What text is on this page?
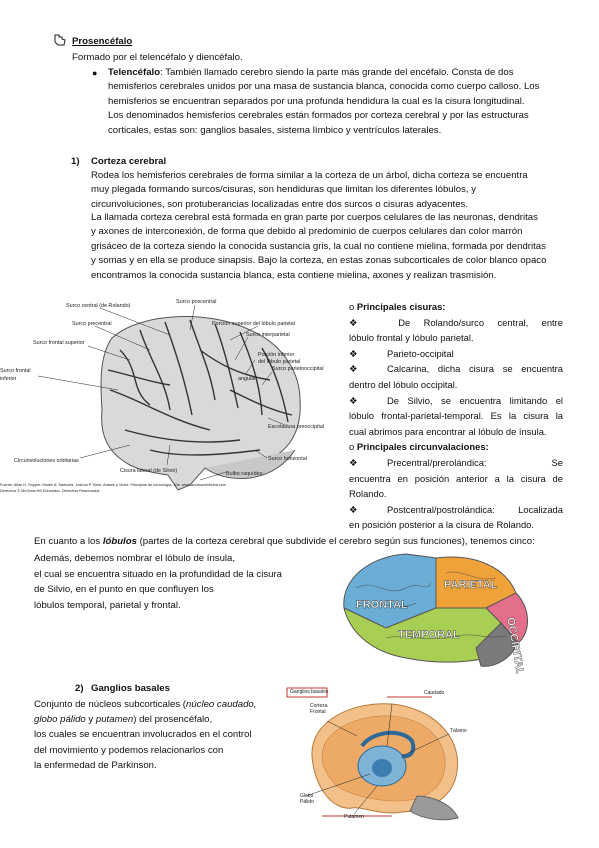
Prosencéfalo
Formado por el telencéfalo y diencéfalo.
● Telencéfalo: También llamado cerebro siendo la parte más grande del encéfalo. Consta de dos
hemisferios cerebrales unidos por una masa de sustancia blanca, conocida como cuerpo calloso. Los
hemisferios se encuentran separados por una profunda hendidura la cual es la cisura longitudinal.
Los denominados hemisferios cerebrales están formados por corteza cerebral y por las estructuras
corticales, estas son: ganglios basales, sistema límbico y ventrículos laterales.
1) Corteza cerebral
Rodea los hemisferios cerebrales de forma similar a la corteza de un árbol, dicha corteza se encuentra
muy plegada formando surcos/cisuras, son hendiduras que limitan los diferentes lóbulos, y
circunvoluciones, son protuberancias localizadas entre dos surcos o cisuras adyacentes.
La llamada corteza cerebral está formada en gran parte por cuerpos celulares de las neuronas, dendritas
y axones de interconexión, de forma que debido al predominio de cuerpos celulares dan color marrón
grisáceo de la corteza siendo la conocida sustancia gris, la cual no contiene mielina, formada por dendritas
y somas y en ella se produce sinapsis. Bajo la corteza, en estas zonas subcorticales de color blanco opaco
encontramos la conocida sustancia blanca, esta contiene mielina, axones y realizan trasmisión.
Surco central (de Rolando)
Surco poscentral
Surco precentral	Porción superior del lóbulo parietal
Surco interparietal
Surco frontal superior
Porción inferior
del lóbulo parietal
Surco parietooccipital
Surco frontal
inferior	angular
Escotadura preoccipital
Circunvoluciones orbitarias	Surco horizontal
Cisura lateral (de Silvio)	Bulbo raquídeo
Fuente: Allan H. Ropper, Martin A. Samuels, Joshua P. Klein: Adams y Victor. Principios de neurología, 10e: www.accessmedicina.com
Derechos © McGraw-Hill Education. Derechos Reservados.
o Principales cisuras:
❖	De Rolando/surco central, entre
lóbulo frontal y lóbulo parietal.
❖	Parieto-occipital
❖	Calcarina, dicha cisura se encuentra
dentro del lóbulo occipital.
❖	De Silvio, se encuentra limitando el
lóbulo frontal-parietal-temporal. Es la cisura la
cual abrimos para encontrar al lóbulo de ínsula.
o Principales circunvalaciones:
❖	Precentral/prerolándica: Se
encuentra en posición anterior a la cisura de
Rolando.
❖	Postcentral/postrolándica: Localizada
en posición posterior a la cisura de Rolando.
En cuanto a los lóbulos (partes de la corteza cerebral que subdivide el cerebro según sus funciones), tenemos cinco:
Además, debemos nombrar el lóbulo de ínsula,
el cual se encuentra situado en la profundidad de la cisura
de Silvio, en el punto en que confluyen los
lóbulos temporal, parietal y frontal.	FRONTAL
PARIETAL
TEMPORAL	OCCIPITAL
2) Ganglios basales
Conjunto de núcleos subcorticales (núcleo caudado,
globo pálido y putamen) del prosencéfalo,
los cuales se encuentran involucrados en el control
del movimiento y podemos relacionarlos con
la enfermedad de Parkinson.
Ganglios basales	Caudado
Corteza
Frontal
Tálamo
Globo
Pálido
Putamen
